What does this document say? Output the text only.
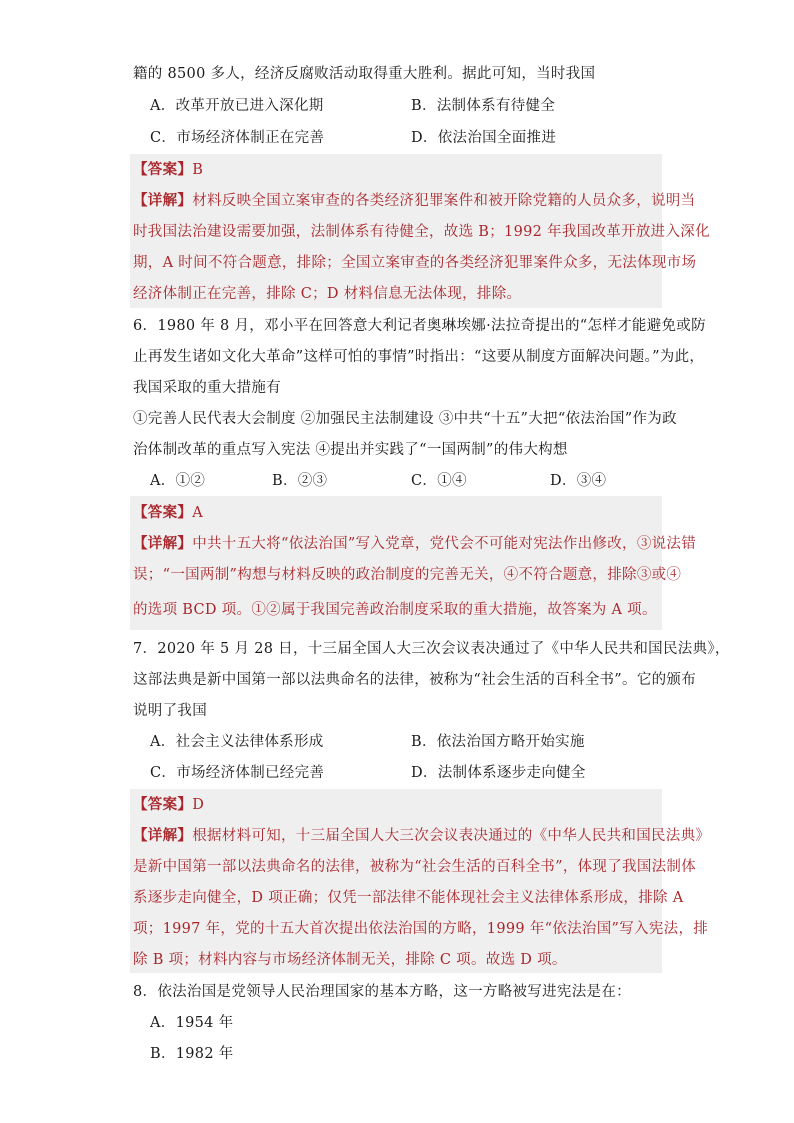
籍的 8500 多人，经济反腐败活动取得重大胜利。据此可知，当时我国
A．改革开放已进入深化期	B．法制体系有待健全
C．市场经济体制正在完善	D．依法治国全面推进
【答案】B
【详解】材料反映全国立案审查的各类经济犯罪案件和被开除党籍的人员众多，说明当
时我国法治建设需要加强，法制体系有待健全，故选 B；1992 年我国改革开放进入深化
期，A 时间不符合题意，排除；全国立案审查的各类经济犯罪案件众多，无法体现市场
经济体制正在完善，排除 C；D 材料信息无法体现，排除。
6．1980 年 8 月，邓小平在回答意大利记者奥琳埃娜·法拉奇提出的“怎样才能避免或防
止再发生诸如文化大革命”这样可怕的事情”时指出：“这要从制度方面解决问题。”为此，
我国采取的重大措施有
①完善人民代表大会制度 ②加强民主法制建设 ③中共“十五”大把“依法治国”作为政
治体制改革的重点写入宪法 ④提出并实践了“一国两制”的伟大构想
A．①②	B．②③	C．①④	D．③④
【答案】A
【详解】中共十五大将“依法治国”写入党章，党代会不可能对宪法作出修改，③说法错
误；“一国两制”构想与材料反映的政治制度的完善无关，④不符合题意，排除③或④
的选项 BCD 项。①②属于我国完善政治制度采取的重大措施，故答案为 A 项。
7．2020 年 5 月 28 日，十三届全国人大三次会议表决通过了《中华人民共和国民法典》，
这部法典是新中国第一部以法典命名的法律，被称为“社会生活的百科全书”。它的颁布
说明了我国
A．社会主义法律体系形成	B．依法治国方略开始实施
C．市场经济体制已经完善	D．法制体系逐步走向健全
【答案】D
【详解】根据材料可知，十三届全国人大三次会议表决通过的《中华人民共和国民法典》
是新中国第一部以法典命名的法律，被称为“社会生活的百科全书”，体现了我国法制体
系逐步走向健全，D 项正确；仅凭一部法律不能体现社会主义法律体系形成，排除 A
项；1997 年，党的十五大首次提出依法治国的方略，1999 年“依法治国”写入宪法，排
除 B 项；材料内容与市场经济体制无关，排除 C 项。故选 D 项。
8．依法治国是党领导人民治理国家的基本方略，这一方略被写进宪法是在：
A．1954 年
B．1982 年
